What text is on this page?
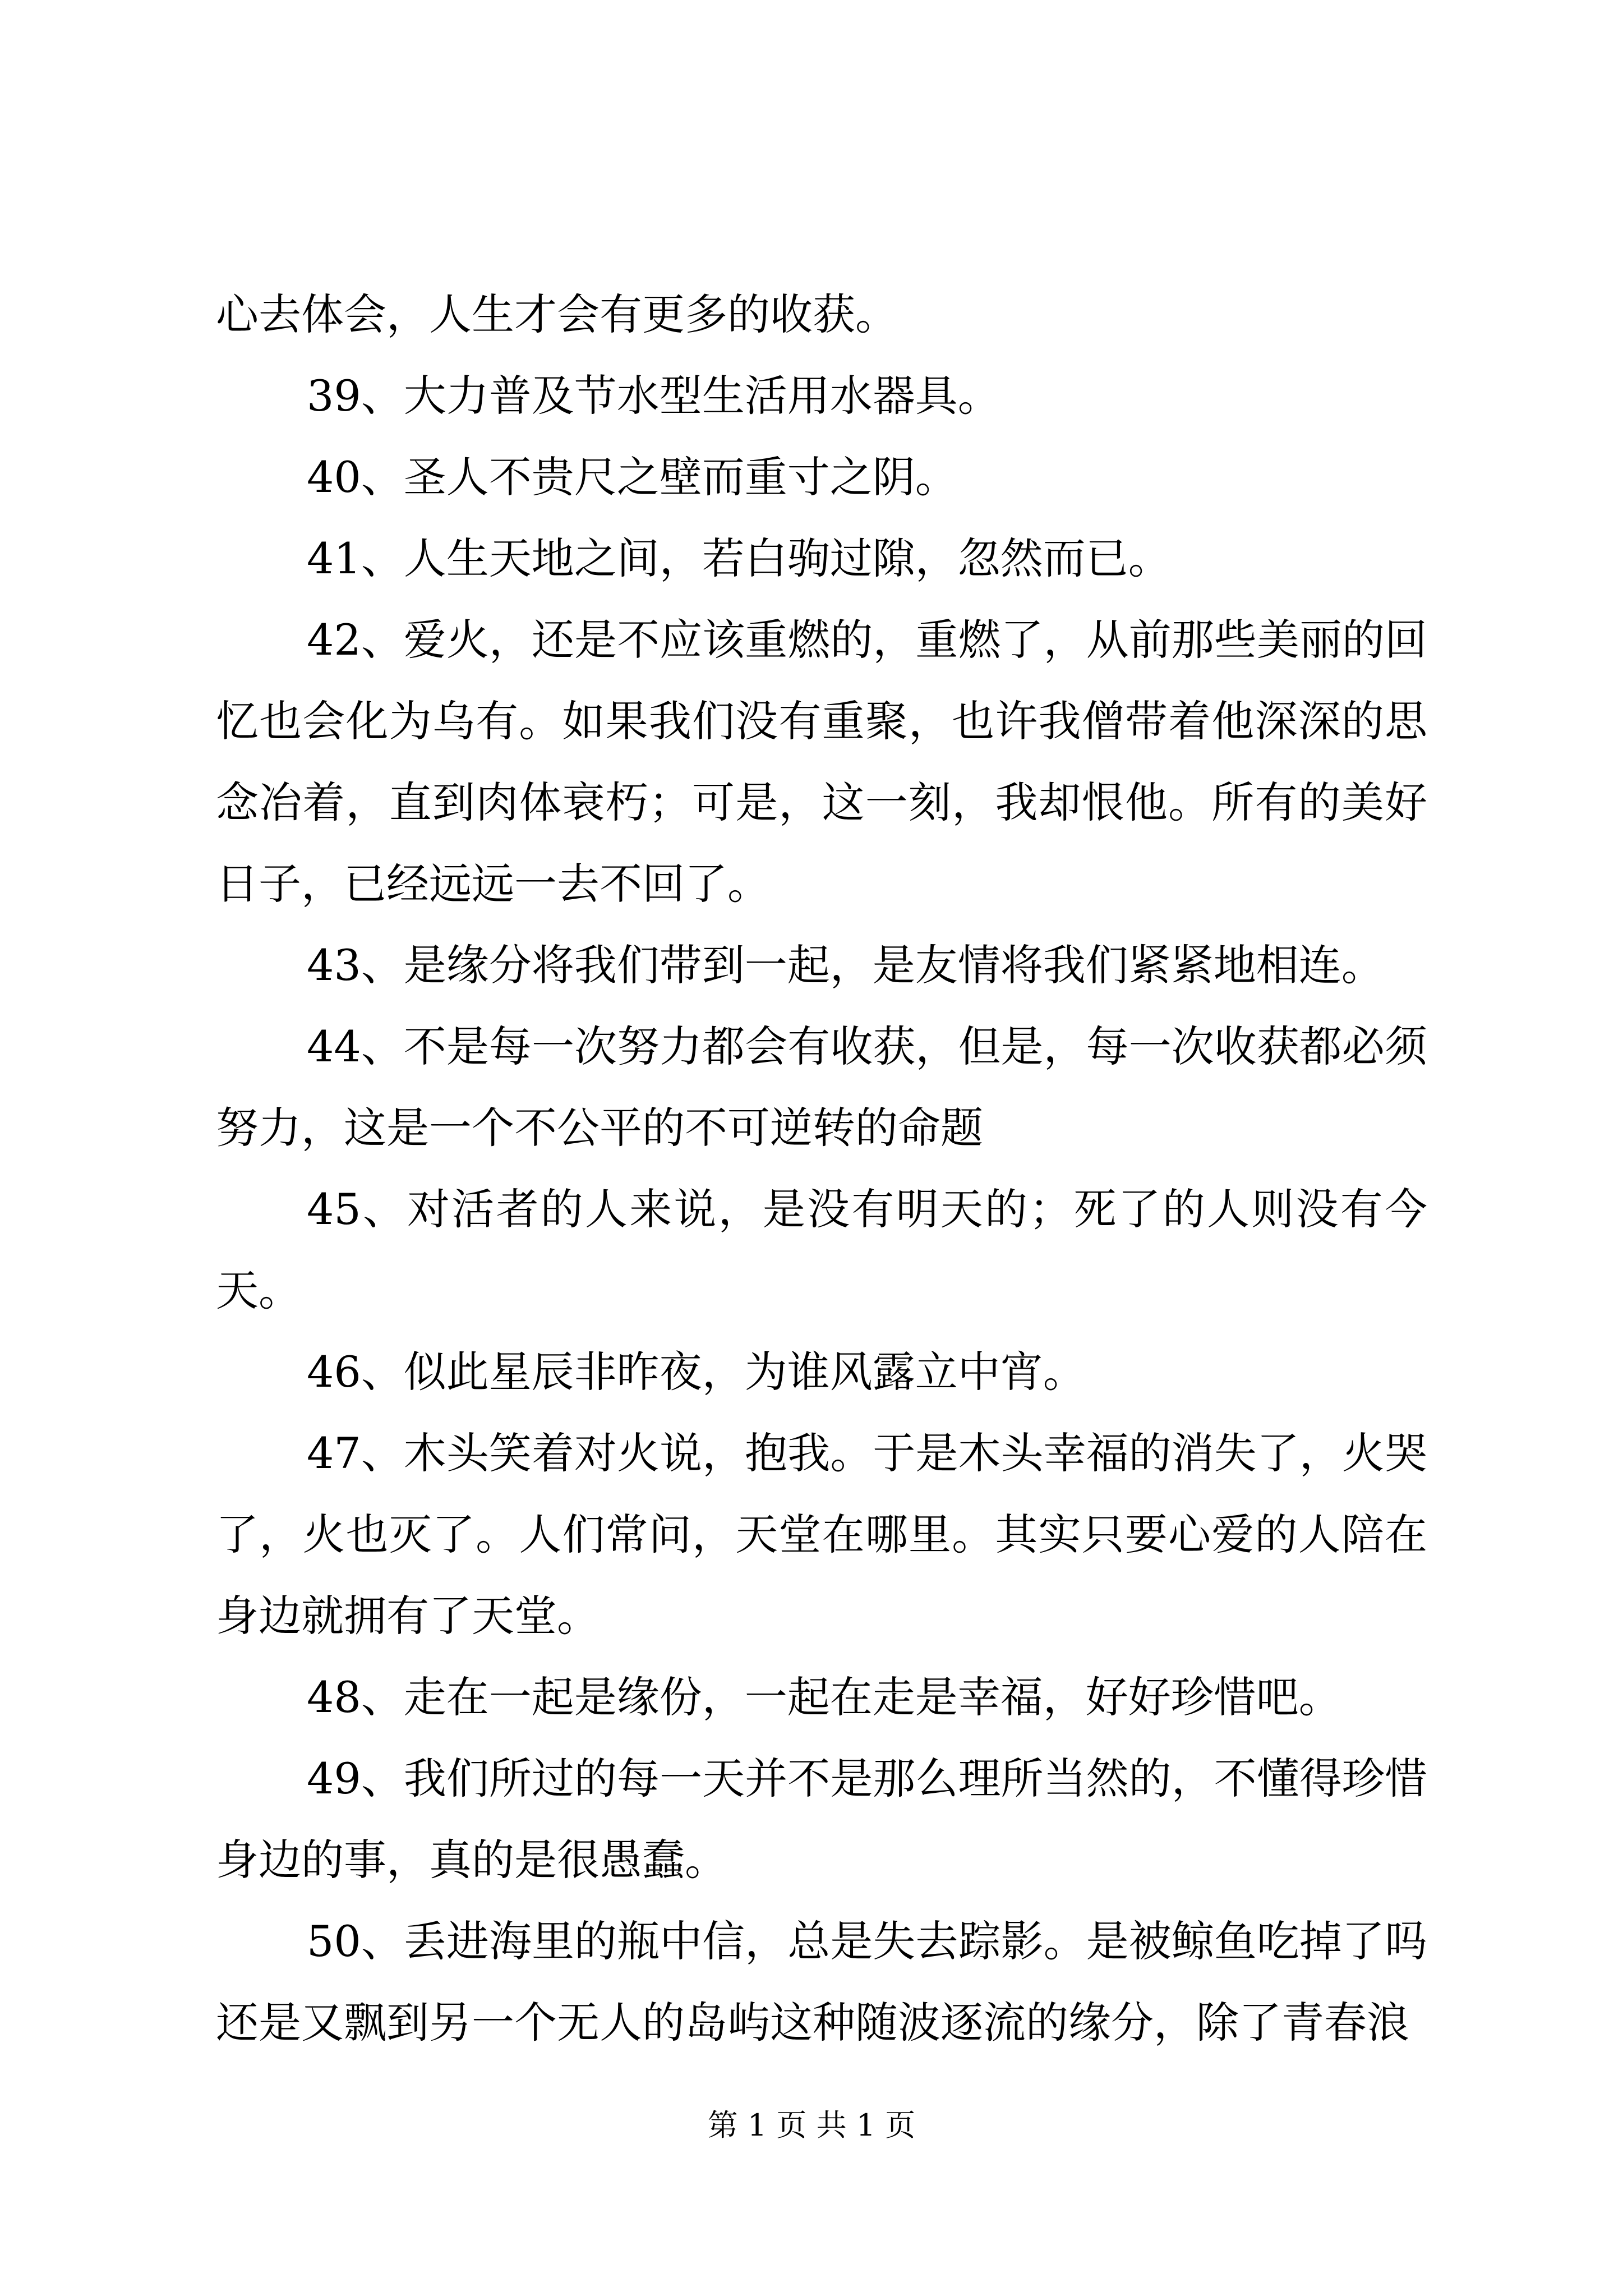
心去体会，人生才会有更多的收获。

39、大力普及节水型生活用水器具。

40、圣人不贵尺之壁而重寸之阴。

41、人生天地之间，若白驹过隙，忽然而已。

42、爱火，还是不应该重燃的，重燃了，从前那些美丽的回忆也会化为乌有。如果我们没有重聚，也许我僧带着他深深的思念冶着，直到肉体衰朽；可是，这一刻，我却恨他。所有的美好日子，已经远远一去不回了。

43、是缘分将我们带到一起，是友情将我们紧紧地相连。

44、不是每一次努力都会有收获，但是，每一次收获都必须努力，这是一个不公平的不可逆转的命题

45、对活者的人来说，是没有明天的；死了的人则没有今天。

46、似此星辰非昨夜，为谁风露立中宵。

47、木头笑着对火说，抱我。于是木头幸福的消失了，火哭了，火也灭了。人们常问，天堂在哪里。其实只要心爱的人陪在身边就拥有了天堂。

48、走在一起是缘份，一起在走是幸福，好好珍惜吧。

49、我们所过的每一天并不是那么理所当然的，不懂得珍惜身边的事，真的是很愚蠢。

50、丢进海里的瓶中信，总是失去踪影。是被鲸鱼吃掉了吗还是又飘到另一个无人的岛屿这种随波逐流的缘分，除了青春浪

第 1 页 共 1 页
